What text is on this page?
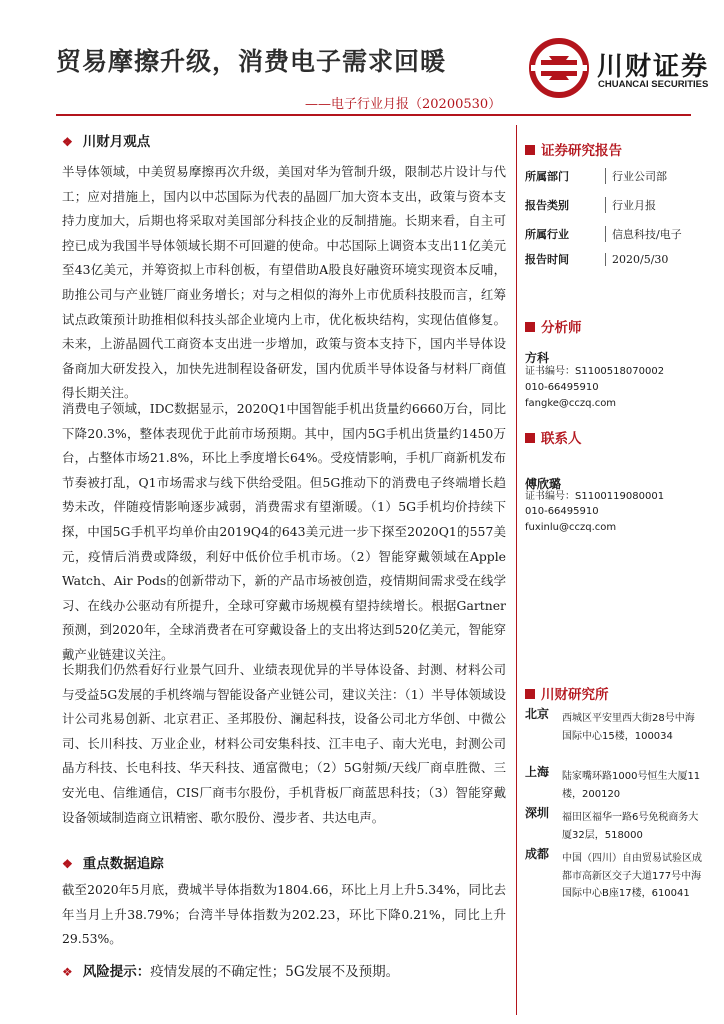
贸易摩擦升级，消费电子需求回暖
——电子行业月报（20200530）
川财证券
CHUANCAI SECURITIES
❖ 川财月观点
半导体领域，中美贸易摩擦再次升级，美国对华为管制升级，限制芯片设计与代工；应对措施上，国内以中芯国际为代表的晶圆厂加大资本支出，政策与资本支持力度加大，后期也将采取对美国部分科技企业的反制措施。长期来看，自主可控已成为我国半导体领域长期不可回避的使命。中芯国际上调资本支出11亿美元至43亿美元，并筹资拟上市科创板，有望借助A股良好融资环境实现资本反哺，助推公司与产业链厂商业务增长；对与之相似的海外上市优质科技股而言，红筹试点政策预计助推相似科技头部企业境内上市，优化板块结构，实现估值修复。未来，上游晶圆代工商资本支出进一步增加，政策与资本支持下，国内半导体设备商加大研发投入，加快先进制程设备研发，国内优质半导体设备与材料厂商值得长期关注。
消费电子领域，IDC数据显示，2020Q1中国智能手机出货量约6660万台，同比下降20.3%，整体表现优于此前市场预期。其中，国内5G手机出货量约1450万台，占整体市场21.8%，环比上季度增长64%。受疫情影响，手机厂商新机发布节奏被打乱，Q1市场需求与线下供给受阻。但5G推动下的消费电子终端增长趋势未改，伴随疫情影响逐步减弱，消费需求有望渐暖。（1）5G手机均价持续下探，中国5G手机平均单价由2019Q4的643美元进一步下探至2020Q1的557美元，疫情后消费或降级，利好中低价位手机市场。（2）智能穿戴领域在Apple Watch、Air Pods的创新带动下，新的产品市场被创造，疫情期间需求受在线学习、在线办公驱动有所提升，全球可穿戴市场规模有望持续增长。根据Gartner预测，到2020年，全球消费者在可穿戴设备上的支出将达到520亿美元，智能穿戴产业链建议关注。
长期我们仍然看好行业景气回升、业绩表现优异的半导体设备、封测、材料公司与受益5G发展的手机终端与智能设备产业链公司，建议关注：（1）半导体领域设计公司兆易创新、北京君正、圣邦股份、澜起科技，设备公司北方华创、中微公司、长川科技、万业企业，材料公司安集科技、江丰电子、南大光电，封测公司晶方科技、长电科技、华天科技、通富微电；（2）5G射频/天线厂商卓胜微、三安光电、信维通信，CIS厂商韦尔股份，手机背板厂商蓝思科技；（3）智能穿戴设备领域制造商立讯精密、歌尔股份、漫步者、共达电声。
❖ 重点数据追踪
截至2020年5月底，费城半导体指数为1804.66，环比上月上升5.34%，同比去年当月上升38.79%；台湾半导体指数为202.23，环比下降0.21%，同比上升29.53%。
❖ 风险提示：疫情发展的不确定性；5G发展不及预期。
证券研究报告
所属部门	行业公司部
报告类别	行业月报
所属行业	信息科技/电子
报告时间	2020/5/30
分析师
方科
证书编号：S1100518070002
010-66495910
fangke@cczq.com
联系人
傅欣璐
证书编号：S1100119080001
010-66495910
fuxinlu@cczq.com
川财研究所
北京 西城区平安里西大街28号中海国际中心15楼，100034
上海 陆家嘴环路1000号恒生大厦11楼，200120
深圳 福田区福华一路6号免税商务大厦32层，518000
成都 中国（四川）自由贸易试验区成都市高新区交子大道177号中海国际中心B座17楼，610041
